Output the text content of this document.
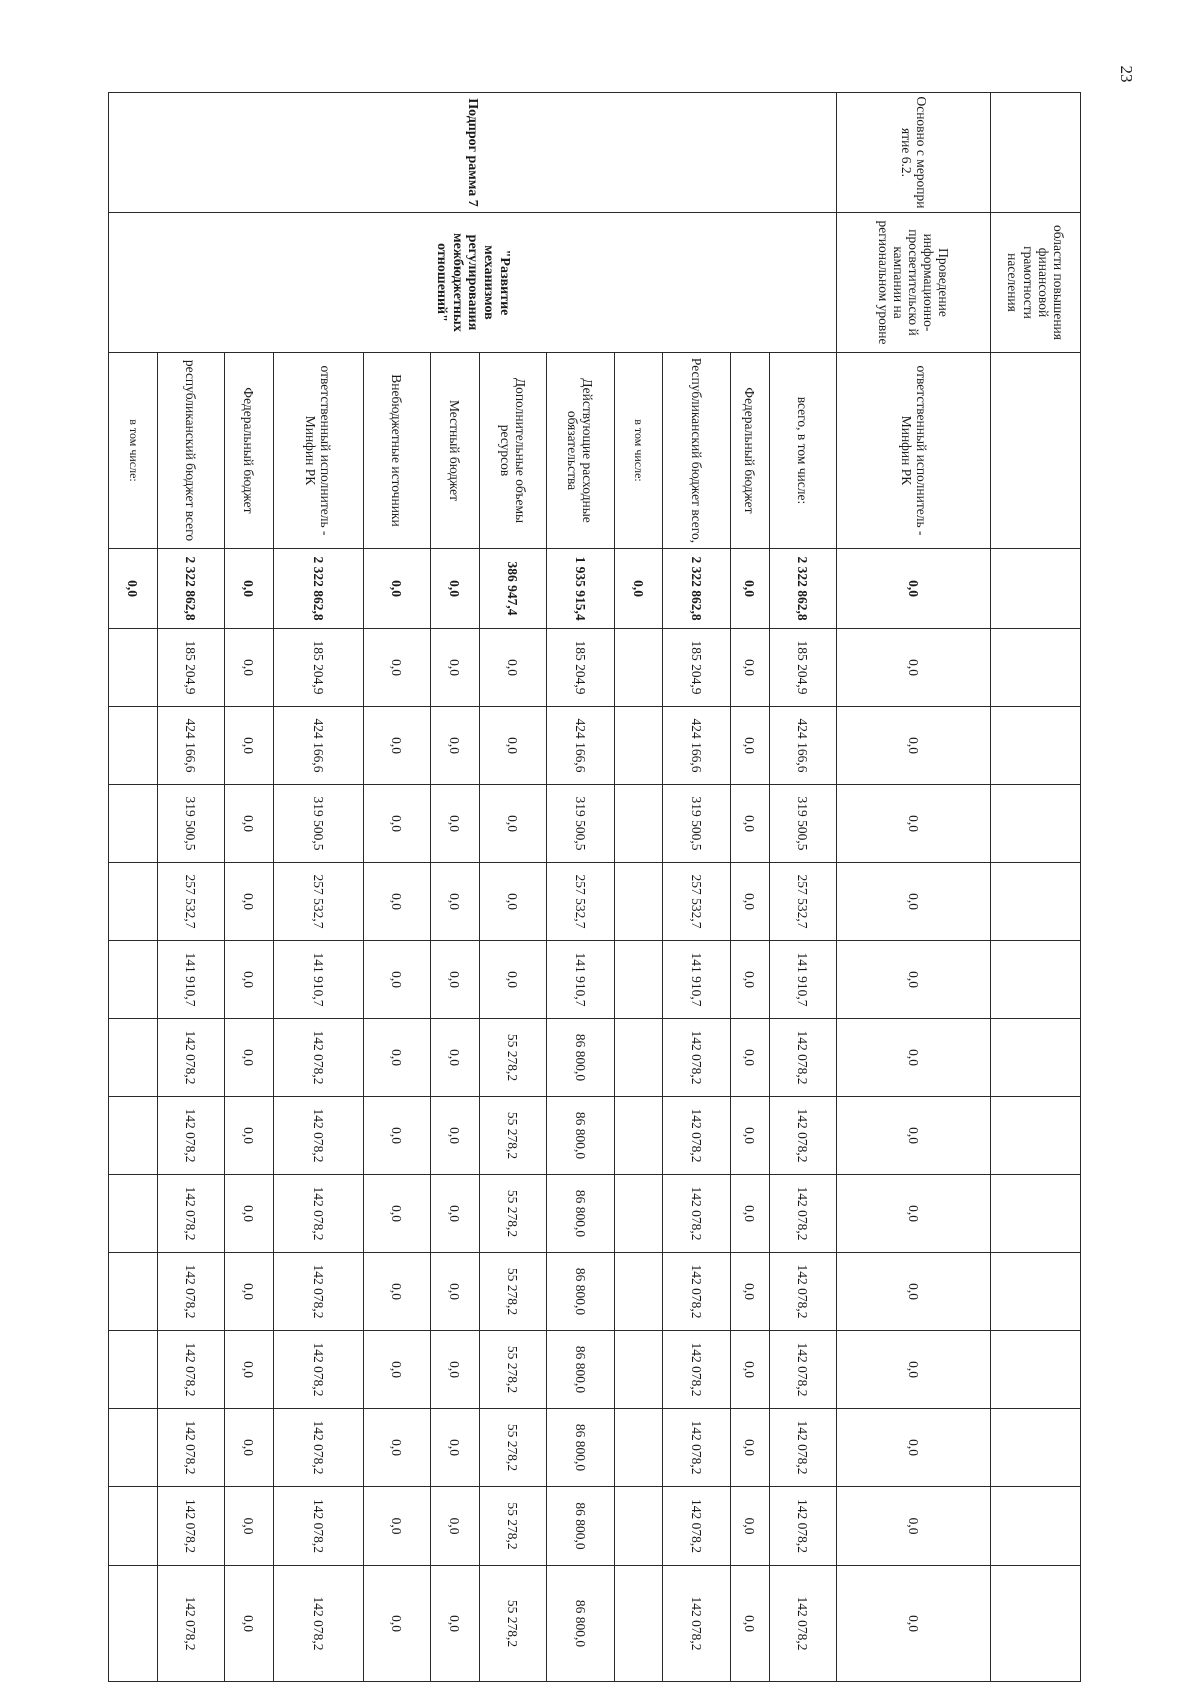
23
	области повышения финансовой грамотности населения															
Основно с меропри ятие 6.2.	Проведение информационно-просветительско й кампании на региональном уровне	ответственный исполнитель - Минфин РК	0,0	0,0	0,0	0,0	0,0	0,0	0,0	0,0	0,0	0,0	0,0	0,0	0,0	0,0
Подпрог рамма 7	"Развитие механизмов регулирования межбюджетных отношений"	всего, в том числе:	2 322 862,8	185 204,9	424 166,6	319 500,5	257 532,7	141 910,7	142 078,2	142 078,2	142 078,2	142 078,2	142 078,2	142 078,2	142 078,2	142 078,2
		Федеральный бюджет	0,0	0,0	0,0	0,0	0,0	0,0	0,0	0,0	0,0	0,0	0,0	0,0	0,0	0,0
		Республиканский бюджет всего,	2 322 862,8	185 204,9	424 166,6	319 500,5	257 532,7	141 910,7	142 078,2	142 078,2	142 078,2	142 078,2	142 078,2	142 078,2	142 078,2	142 078,2
		в том числе:	0,0													
		Действующие расходные обязательства	1 935 915,4	185 204,9	424 166,6	319 500,5	257 532,7	141 910,7	86 800,0	86 800,0	86 800,0	86 800,0	86 800,0	86 800,0	86 800,0	86 800,0
		Дополнительные объемы ресурсов	386 947,4	0,0	0,0	0,0	0,0	0,0	55 278,2	55 278,2	55 278,2	55 278,2	55 278,2	55 278,2	55 278,2	55 278,2
		Местный бюджет	0,0	0,0	0,0	0,0	0,0	0,0	0,0	0,0	0,0	0,0	0,0	0,0	0,0	0,0
		Внебюджетные источники	0,0	0,0	0,0	0,0	0,0	0,0	0,0	0,0	0,0	0,0	0,0	0,0	0,0	0,0
		ответственный исполнитель - Минфин РК	2 322 862,8	185 204,9	424 166,6	319 500,5	257 532,7	141 910,7	142 078,2	142 078,2	142 078,2	142 078,2	142 078,2	142 078,2	142 078,2	142 078,2
		Федеральный бюджет	0,0	0,0	0,0	0,0	0,0	0,0	0,0	0,0	0,0	0,0	0,0	0,0	0,0	0,0
		республиканский бюджет всего	2 322 862,8	185 204,9	424 166,6	319 500,5	257 532,7	141 910,7	142 078,2	142 078,2	142 078,2	142 078,2	142 078,2	142 078,2	142 078,2	142 078,2
		в том числе:	0,0													
